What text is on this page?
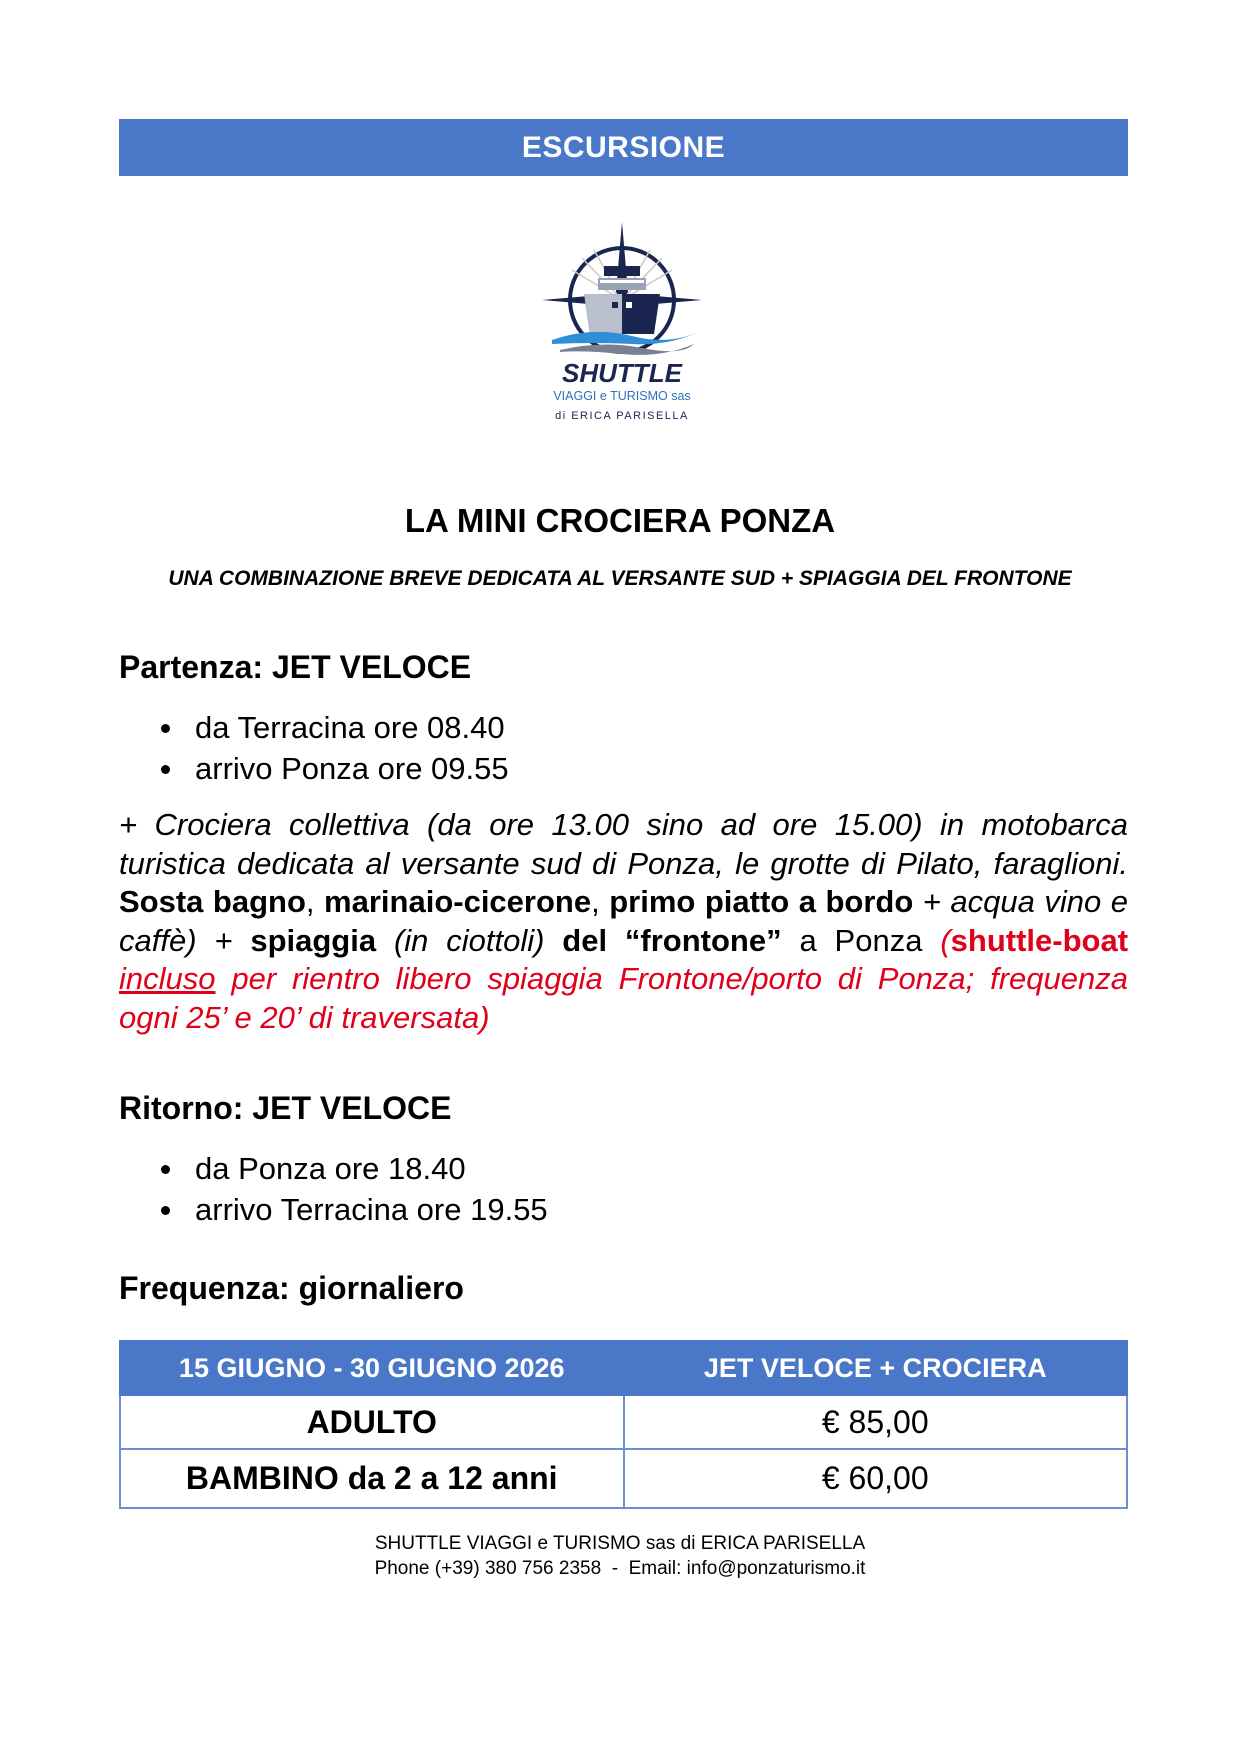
ESCURSIONE
SHUTTLE
VIAGGI e TURISMO sas
di ERICA PARISELLA
LA MINI CROCIERA PONZA
UNA COMBINAZIONE BREVE DEDICATA AL VERSANTE SUD + SPIAGGIA DEL FRONTONE
Partenza: JET VELOCE
da Terracina ore 08.40
arrivo Ponza ore 09.55
+ Crociera collettiva (da ore 13.00 sino ad ore 15.00) in motobarca turistica dedicata al versante sud di Ponza, le grotte di Pilato, faraglioni. Sosta bagno, marinaio-cicerone, primo piatto a bordo + acqua vino e caffè) + spiaggia (in ciottoli) del “frontone” a Ponza (shuttle-boat incluso per rientro libero spiaggia Frontone/porto di Ponza; frequenza ogni 25’ e 20’ di traversata)
Ritorno: JET VELOCE
da Ponza ore 18.40
arrivo Terracina ore 19.55
Frequenza: giornaliero
15 GIUGNO - 30 GIUGNO 2026	JET VELOCE + CROCIERA
ADULTO	€ 85,00
BAMBINO da 2 a 12 anni	€ 60,00
SHUTTLE VIAGGI e TURISMO sas di ERICA PARISELLA
Phone (+39) 380 756 2358  -  Email: info@ponzaturismo.it
